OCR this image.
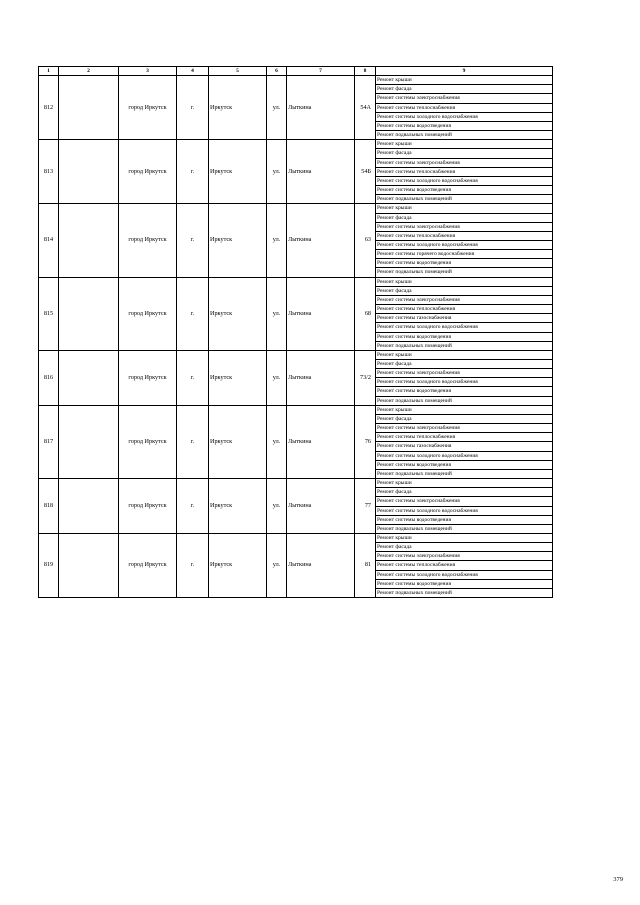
1	2	3	4	5	6	7	8	9
812		город Иркутск	г.	Иркутск	ул.	Лыткина	54А	Ремонт крыши
								Ремонт фасада
								Ремонт системы электроснабжения
								Ремонт системы теплоснабжения
								Ремонт системы холодного водоснабжения
								Ремонт системы водоотведения
								Ремонт подвальных помещений
813		город Иркутск	г.	Иркутск	ул.	Лыткина	54Б	Ремонт крыши
								Ремонт фасада
								Ремонт системы электроснабжения
								Ремонт системы теплоснабжения
								Ремонт системы холодного водоснабжения
								Ремонт системы водоотведения
								Ремонт подвальных помещений
814		город Иркутск	г.	Иркутск	ул.	Лыткина	63	Ремонт крыши
								Ремонт фасада
								Ремонт системы электроснабжения
								Ремонт системы теплоснабжения
								Ремонт системы холодного водоснабжения
								Ремонт системы горячего водоснабжения
								Ремонт системы водоотведения
								Ремонт подвальных помещений
815		город Иркутск	г.	Иркутск	ул.	Лыткина	68	Ремонт крыши
								Ремонт фасада
								Ремонт системы электроснабжения
								Ремонт системы теплоснабжения
								Ремонт системы газоснабжения
								Ремонт системы холодного водоснабжения
								Ремонт системы водоотведения
								Ремонт подвальных помещений
816		город Иркутск	г.	Иркутск	ул.	Лыткина	73/2	Ремонт крыши
								Ремонт фасада
								Ремонт системы электроснабжения
								Ремонт системы холодного водоснабжения
								Ремонт системы водоотведения
								Ремонт подвальных помещений
817		город Иркутск	г.	Иркутск	ул.	Лыткина	76	Ремонт крыши
								Ремонт фасада
								Ремонт системы электроснабжения
								Ремонт системы теплоснабжения
								Ремонт системы газоснабжения
								Ремонт системы холодного водоснабжения
								Ремонт системы водоотведения
								Ремонт подвальных помещений
818		город Иркутск	г.	Иркутск	ул.	Лыткина	77	Ремонт крыши
								Ремонт фасада
								Ремонт системы электроснабжения
								Ремонт системы холодного водоснабжения
								Ремонт системы водоотведения
								Ремонт подвальных помещений
819		город Иркутск	г.	Иркутск	ул.	Лыткина	81	Ремонт крыши
								Ремонт фасада
								Ремонт системы электроснабжения
								Ремонт системы теплоснабжения
								Ремонт системы холодного водоснабжения
								Ремонт системы водоотведения
								Ремонт подвальных помещений
379
